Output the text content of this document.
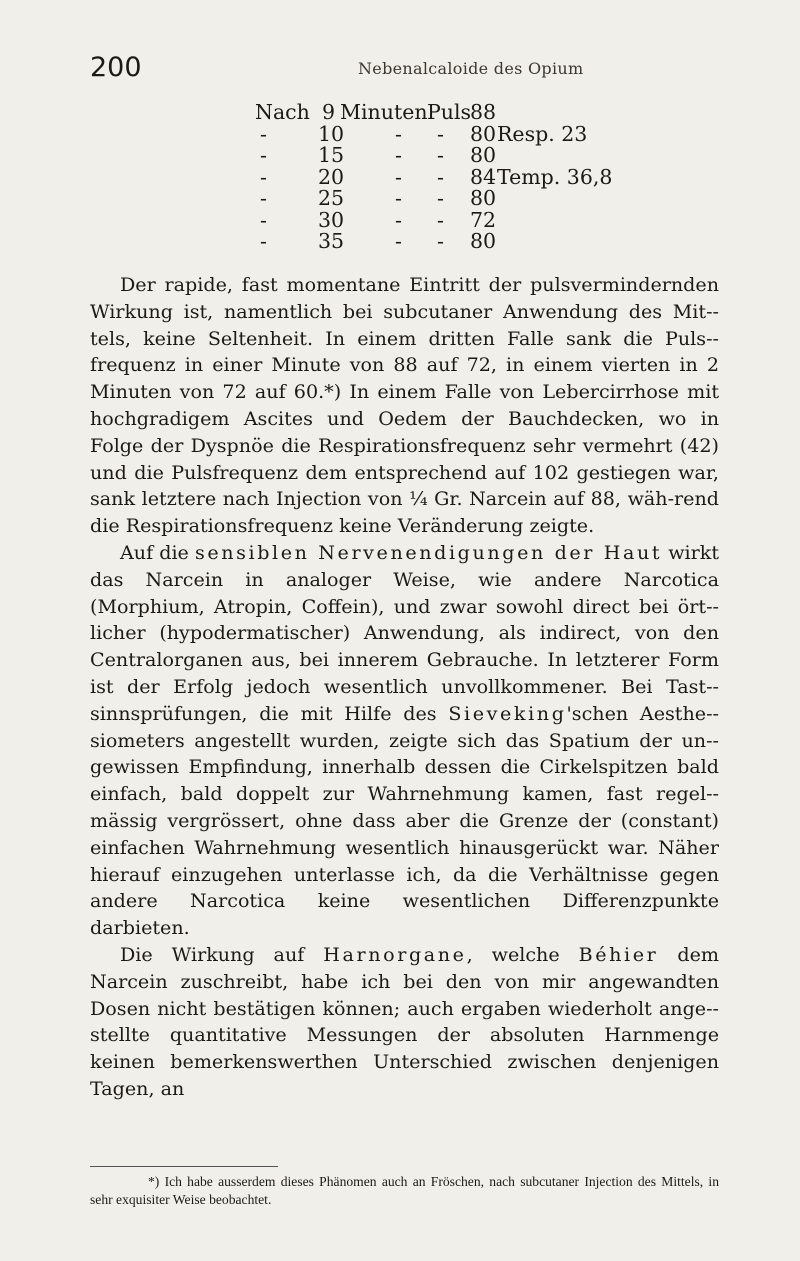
200	Nebenalcaloide des Opium
Nach 9 Minuten Puls
88
- 10 - - 80 Resp. 23
- 15 - - 80
- 20 - - 84 Temp. 36,8
- 25 - - 80
- 30 - - 72
- 35 - - 80

Der rapide, fast momentane Eintritt der pulsvermindernden Wirkung ist, namentlich bei subcutaner Anwendung des Mit-tels, keine Seltenheit. In einem dritten Falle sank die Puls-frequenz in einer Minute von 88 auf 72, in einem vierten in 2 Minuten von 72 auf 60.*) In einem Falle von Lebercirrhose mit hochgradigem Ascites und Oedem der Bauchdecken, wo in Folge der Dyspnöe die Respirationsfrequenz sehr vermehrt (42) und die Pulsfrequenz dem entsprechend auf 102 gestiegen war, sank letztere nach Injection von ¼ Gr. Narcein auf 88, wäh-rend die Respirationsfrequenz keine Veränderung zeigte.

Auf die sensiblen Nervenendigungen der Haut wirkt das Narcein in analoger Weise, wie andere Narcotica (Morphium, Atropin, Coffein), und zwar sowohl direct bei ört-licher (hypodermatischer) Anwendung, als indirect, von den Centralorganen aus, bei innerem Gebrauche. In letzterer Form ist der Erfolg jedoch wesentlich unvollkommener. Bei Tast-sinnsprüfungen, die mit Hilfe des Sieveking'schen Aesthe-siometers angestellt wurden, zeigte sich das Spatium der un-gewissen Empfindung, innerhalb dessen die Cirkelspitzen bald einfach, bald doppelt zur Wahrnehmung kamen, fast regel-mässig vergrössert, ohne dass aber die Grenze der (constant) einfachen Wahrnehmung wesentlich hinausgerückt war. Näher hierauf einzugehen unterlasse ich, da die Verhältnisse gegen andere Narcotica keine wesentlichen Differenzpunkte darbieten.

Die Wirkung auf Harnorgane, welche Béhier dem Narcein zuschreibt, habe ich bei den von mir angewandten Dosen nicht bestätigen können; auch ergaben wiederholt ange-stellte quantitative Messungen der absoluten Harnmenge keinen bemerkenswerthen Unterschied zwischen denjenigen Tagen, an

*) Ich habe ausserdem dieses Phänomen auch an Fröschen, nach subcutaner Injection des Mittels, in sehr exquisiter Weise beobachtet.
